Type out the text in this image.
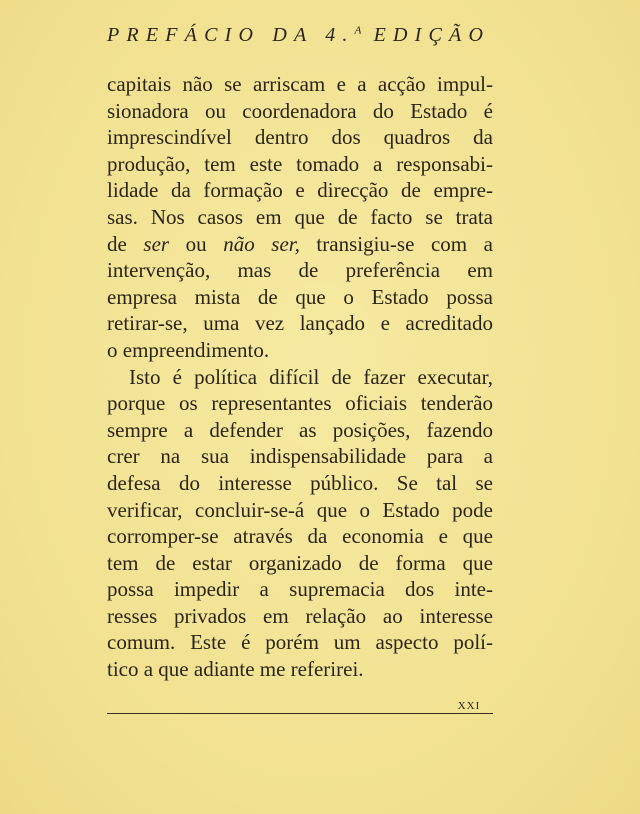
PREFÁCIO DA 4.$^A$ EDIÇÃO
capitais não se arriscam e a acção impul-
sionadora ou coordenadora do Estado é
imprescindível dentro dos quadros da
produção, tem este tomado a responsabi-
lidade da formação e direcção de empre-
sas. Nos casos em que de facto se trata
de ser ou não ser, transigiu-se com a
intervenção, mas de preferência em
empresa mista de que o Estado possa
retirar-se, uma vez lançado e acreditado
o empreendimento.
Isto é política difícil de fazer executar,
porque os representantes oficiais tenderão
sempre a defender as posições, fazendo
crer na sua indispensabilidade para a
defesa do interesse público. Se tal se
verificar, concluir-se-á que o Estado pode
corromper-se através da economia e que
tem de estar organizado de forma que
possa impedir a supremacia dos inte-
resses privados em relação ao interesse
comum. Este é porém um aspecto polí-
tico a que adiante me referirei.
XXI
